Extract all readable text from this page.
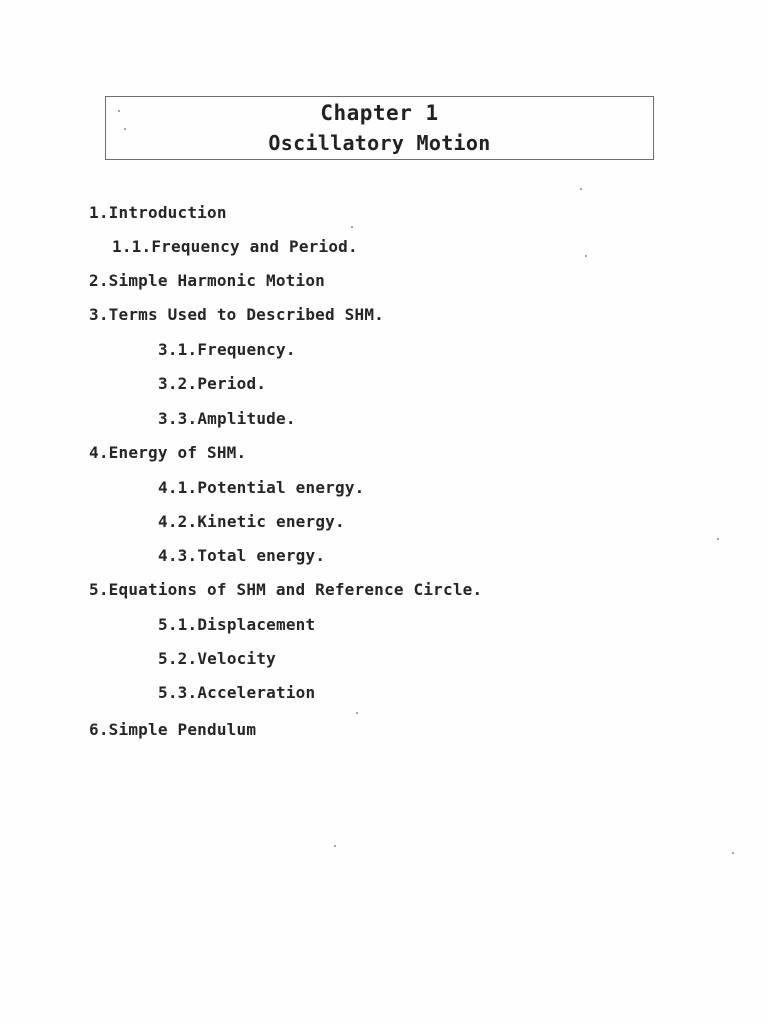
Chapter 1
Oscillatory Motion
1.Introduction
1.1.Frequency and Period.
2.Simple Harmonic Motion
3.Terms Used to Described SHM.
3.1.Frequency.
3.2.Period.
3.3.Amplitude.
4.Energy of SHM.
4.1.Potential energy.
4.2.Kinetic energy.
4.3.Total energy.
5.Equations of SHM and Reference Circle.
5.1.Displacement
5.2.Velocity
5.3.Acceleration
6.Simple Pendulum
